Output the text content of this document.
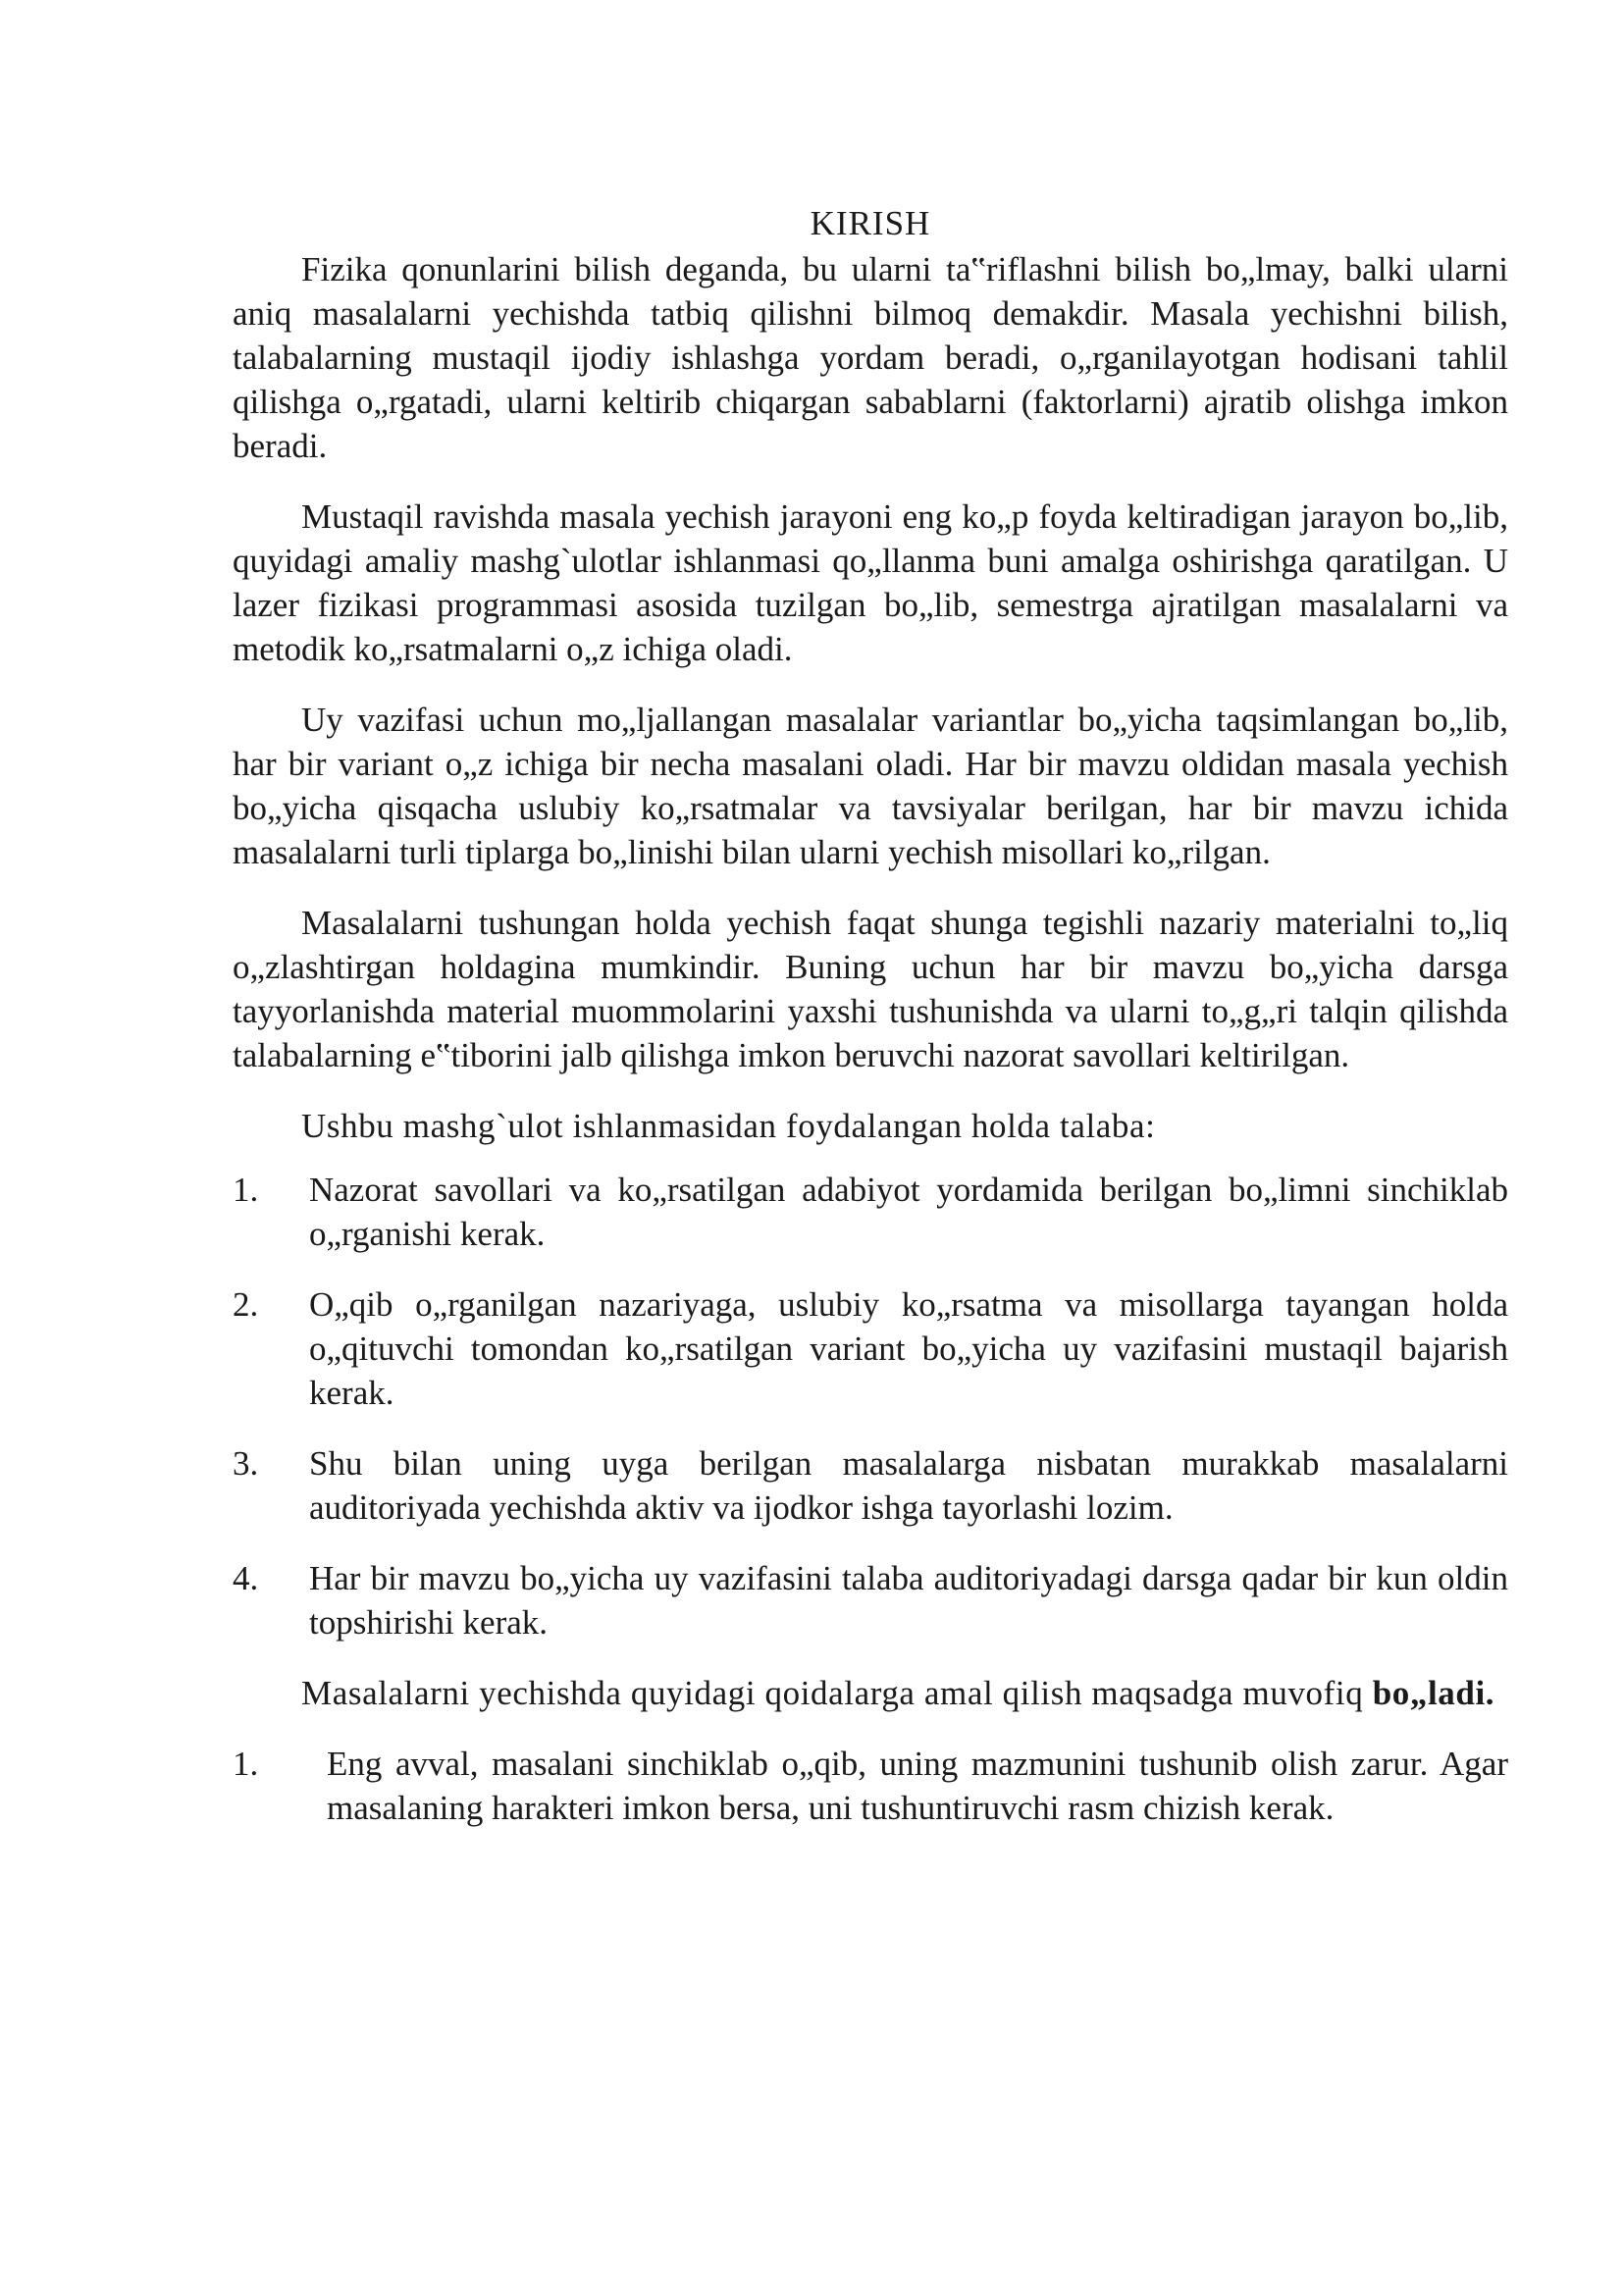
KIRISH

Fizika qonunlarini bilish deganda, bu ularni ta‟riflashni bilish bo„lmay, balki ularni aniq masalalarni yechishda tatbiq qilishni bilmoq demakdir. Masala yechishni bilish, talabalarning mustaqil ijodiy ishlashga yordam beradi, o„rganilayotgan hodisani tahlil qilishga o„rgatadi, ularni keltirib chiqargan sabablarni (faktorlarni) ajratib olishga imkon beradi.

Mustaqil ravishda masala yechish jarayoni eng ko„p foyda keltiradigan jarayon bo„lib, quyidagi amaliy mashg`ulotlar ishlanmasi qo„llanma buni amalga oshirishga qaratilgan. U lazer fizikasi programmasi asosida tuzilgan bo„lib, semestrga ajratilgan masalalarni va metodik ko„rsatmalarni o„z ichiga oladi.

Uy vazifasi uchun mo„ljallangan masalalar variantlar bo„yicha taqsimlangan bo„lib, har bir variant o„z ichiga bir necha masalani oladi. Har bir mavzu oldidan masala yechish bo„yicha qisqacha uslubiy ko„rsatmalar va tavsiyalar berilgan, har bir mavzu ichida masalalarni turli tiplarga bo„linishi bilan ularni yechish misollari ko„rilgan.

Masalalarni tushungan holda yechish faqat shunga tegishli nazariy materialni to„liq o„zlashtirgan holdagina mumkindir. Buning uchun har bir mavzu bo„yicha darsga tayyorlanishda material muommolarini yaxshi tushunishda va ularni to„g„ri talqin qilishda talabalarning e‟tiborini jalb qilishga imkon beruvchi nazorat savollari keltirilgan.

Ushbu mashg`ulot ishlanmasidan foydalangan holda talaba:

1.	Nazorat savollari va ko„rsatilgan adabiyot yordamida berilgan bo„limni sinchiklab o„rganishi kerak.
2.	O„qib o„rganilgan nazariyaga, uslubiy ko„rsatma va misollarga tayangan holda o„qituvchi tomondan ko„rsatilgan variant bo„yicha uy vazifasini mustaqil bajarish kerak.
3.	Shu bilan uning uyga berilgan masalalarga nisbatan murakkab masalalarni auditoriyada yechishda aktiv va ijodkor ishga tayorlashi lozim.
4.	Har bir mavzu bo„yicha uy vazifasini talaba auditoriyadagi darsga qadar bir kun oldin topshirishi kerak.

Masalalarni yechishda quyidagi qoidalarga amal qilish maqsadga muvofiq bo„ladi.

1.	Eng avval, masalani sinchiklab o„qib, uning mazmunini tushunib olish zarur. Agar masalaning harakteri imkon bersa, uni tushuntiruvchi rasm chizish kerak.
